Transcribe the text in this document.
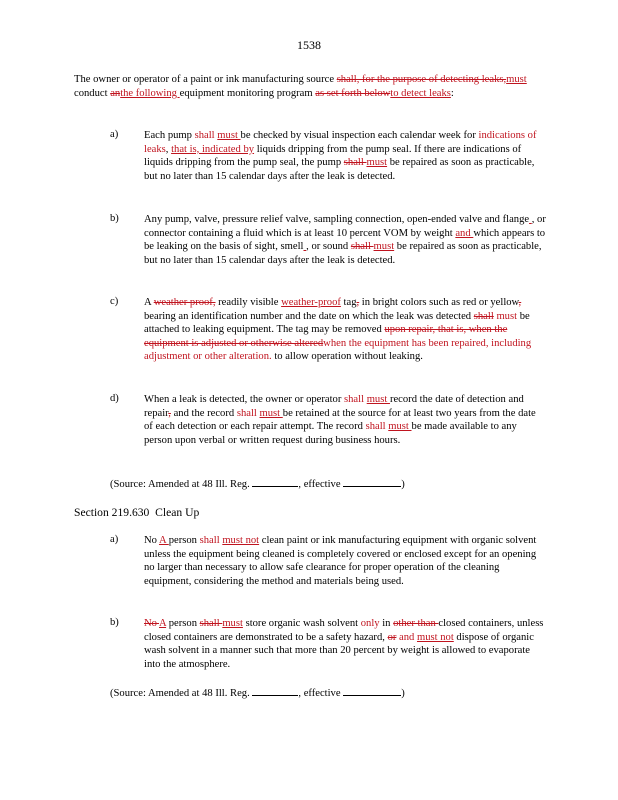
1538
The owner or operator of a paint or ink manufacturing source shall, for the purpose of detecting leaks,must conduct anthe following equipment monitoring program as set forth belowto detect leaks:
a) Each pump shall must be checked by visual inspection each calendar week for indications of leaks, that is, indicated by liquids dripping from the pump seal. If there are indications of liquids dripping from the pump seal, the pump shall must be repaired as soon as practicable, but no later than 15 calendar days after the leak is detected.
b) Any pump, valve, pressure relief valve, sampling connection, open-ended valve and flange , or connector containing a fluid which is at least 10 percent VOM by weight and which appears to be leaking on the basis of sight, smell , or sound shall must be repaired as soon as practicable, but no later than 15 calendar days after the leak is detected.
c) A weather proof, readily visible weather-proof tag, in bright colors such as red or yellow, bearing an identification number and the date on which the leak was detected shall must be attached to leaking equipment. The tag may be removed upon repair, that is, when the equipment is adjusted or otherwise alteredwhen the equipment has been repaired, including adjustment or other alteration. to allow operation without leaking.
d) When a leak is detected, the owner or operator shall must record the date of detection and repair, and the record shall must be retained at the source for at least two years from the date of each detection or each repair attempt. The record shall must be made available to any person upon verbal or written request during business hours.
(Source: Amended at 48 Ill. Reg.	, effective	)
Section 219.630 Clean Up
a) No A person shall must not clean paint or ink manufacturing equipment with organic solvent unless the equipment being cleaned is completely covered or enclosed except for an opening no larger than necessary to allow safe clearance for proper operation of the cleaning equipment, considering the method and materials being used.
b) No A person shall must store organic wash solvent only in other than closed containers, unless closed containers are demonstrated to be a safety hazard, or and must not dispose of organic wash solvent in a manner such that more than 20 percent by weight is allowed to evaporate into the atmosphere.
(Source: Amended at 48 Ill. Reg.	, effective	)
